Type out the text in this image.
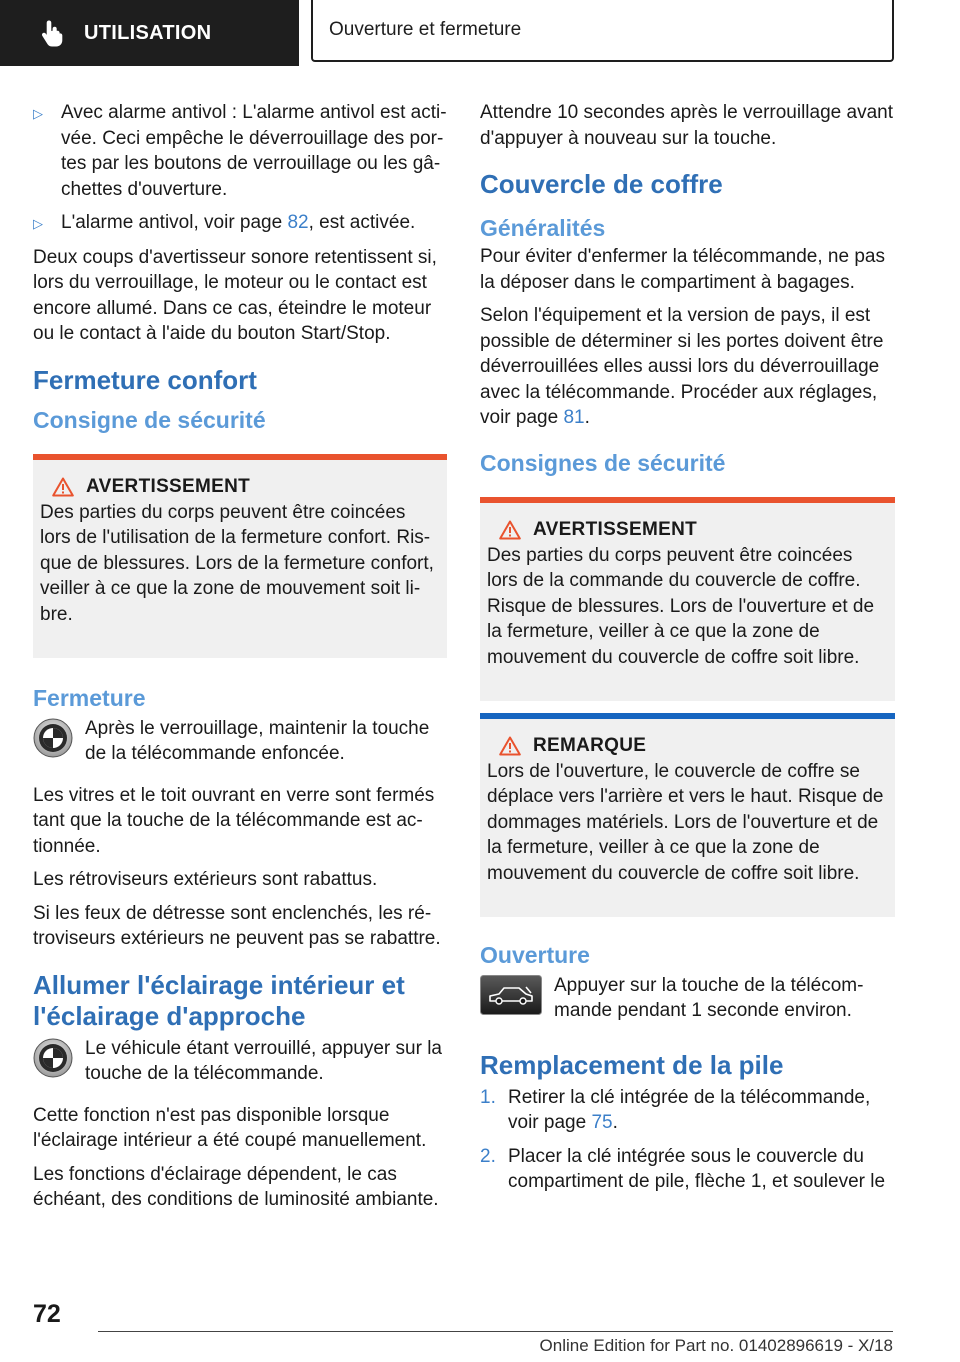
UTILISATION	Ouverture et fermeture
▷ Avec alarme antivol : L'alarme antivol est activée. Ceci empêche le déverrouillage des portes par les boutons de verrouillage ou les gâchettes d'ouverture.
▷ L'alarme antivol, voir page 82, est activée.

Deux coups d'avertisseur sonore retentissent si, lors du verrouillage, le moteur ou le contact est encore allumé. Dans ce cas, éteindre le moteur ou le contact à l'aide du bouton Start/Stop.

Fermeture confort
Consigne de sécurité
AVERTISSEMENT

Des parties du corps peuvent être coincées lors de l'utilisation de la fermeture confort. Risque de blessures. Lors de la fermeture confort, veiller à ce que la zone de mouvement soit libre.

Fermeture

Après le verrouillage, maintenir la touche de la télécommande enfoncée.

Les vitres et le toit ouvrant en verre sont fermés tant que la touche de la télécommande est actionnée.

Les rétroviseurs extérieurs sont rabattus.

Si les feux de détresse sont enclenchés, les rétroviseurs extérieurs ne peuvent pas se rabattre.

Allumer l'éclairage intérieur et l'éclairage d'approche

Le véhicule étant verrouillé, appuyer sur la touche de la télécommande.

Cette fonction n'est pas disponible lorsque l'éclairage intérieur a été coupé manuellement.

Les fonctions d'éclairage dépendent, le cas échéant, des conditions de luminosité ambiante.

Attendre 10 secondes après le verrouillage avant d'appuyer à nouveau sur la touche.

Couvercle de coffre
Généralités

Pour éviter d'enfermer la télécommande, ne pas la déposer dans le compartiment à bagages.

Selon l'équipement et la version de pays, il est possible de déterminer si les portes doivent être déverrouillées elles aussi lors du déverrouillage avec la télécommande. Procéder aux réglages, voir page 81.

Consignes de sécurité
AVERTISSEMENT

Des parties du corps peuvent être coincées lors de la commande du couvercle de coffre. Risque de blessures. Lors de l'ouverture et de la fermeture, veiller à ce que la zone de mouvement du couvercle de coffre soit libre.

REMARQUE

Lors de l'ouverture, le couvercle de coffre se déplace vers l'arrière et vers le haut. Risque de dommages matériels. Lors de l'ouverture et de la fermeture, veiller à ce que la zone de mouvement du couvercle de coffre soit libre.

Ouverture

Appuyer sur la touche de la télécommande pendant 1 seconde environ.

Remplacement de la pile
1. Retirer la clé intégrée de la télécommande, voir page 75.
2. Placer la clé intégrée sous le couvercle du compartiment de pile, flèche 1, et soulever le
72
Online Edition for Part no. 01402896619 - X/18
